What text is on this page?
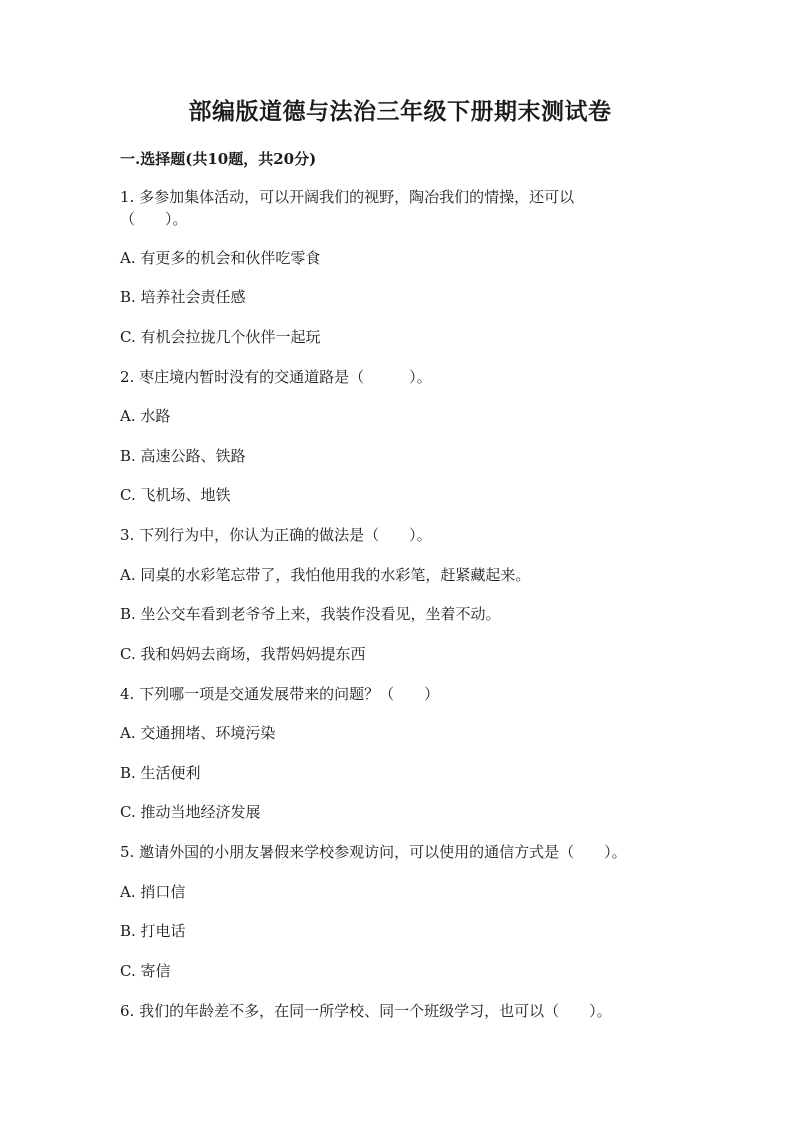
部编版道德与法治三年级下册期末测试卷
一.选择题(共10题，共20分)
1. 多参加集体活动，可以开阔我们的视野，陶冶我们的情操，还可以
（　　）。
A. 有更多的机会和伙伴吃零食
B. 培养社会责任感
C. 有机会拉拢几个伙伴一起玩
2. 枣庄境内暂时没有的交通道路是（　　　）。
A. 水路
B. 高速公路、铁路
C. 飞机场、地铁
3. 下列行为中，你认为正确的做法是（　　）。
A. 同桌的水彩笔忘带了，我怕他用我的水彩笔，赶紧藏起来。
B. 坐公交车看到老爷爷上来，我装作没看见，坐着不动。
C. 我和妈妈去商场，我帮妈妈提东西
4. 下列哪一项是交通发展带来的问题？（　　）
A. 交通拥堵、环境污染
B. 生活便利
C. 推动当地经济发展
5. 邀请外国的小朋友暑假来学校参观访问，可以使用的通信方式是（　　）。
A. 捎口信
B. 打电话
C. 寄信
6. 我们的年龄差不多，在同一所学校、同一个班级学习，也可以（　　）。
